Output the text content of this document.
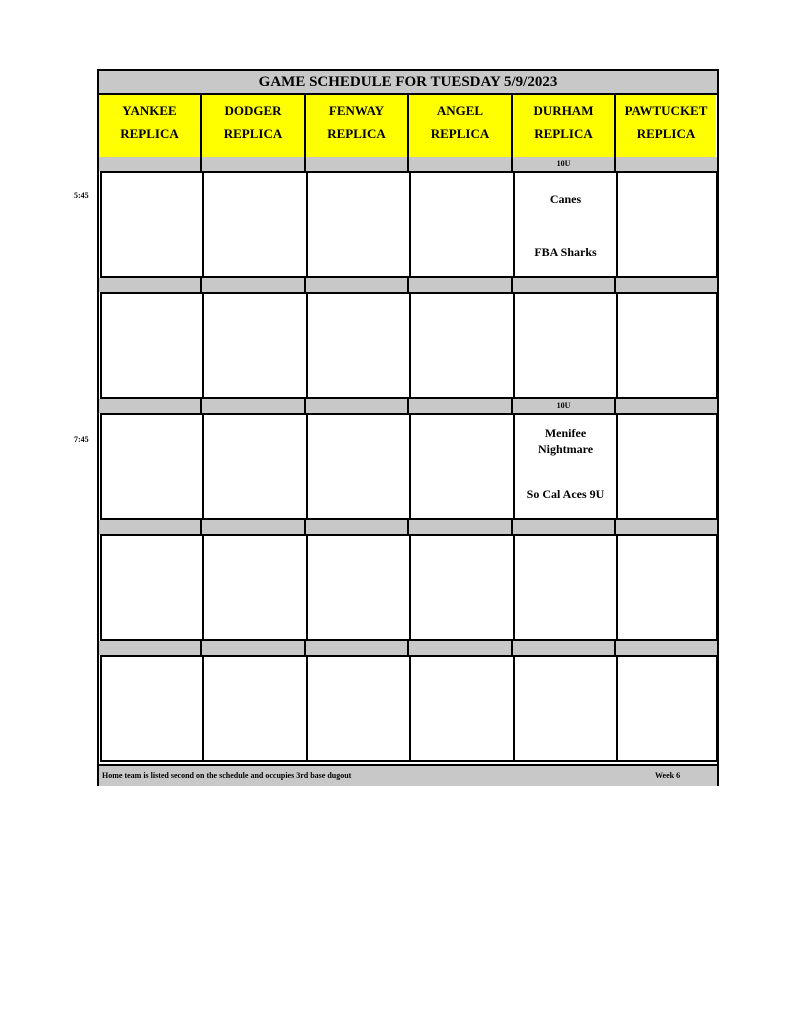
GAME SCHEDULE FOR TUESDAY 5/9/2023
YANKEE
REPLICA
DODGER
REPLICA
FENWAY
REPLICA
ANGEL
REPLICA
DURHAM
REPLICA
PAWTUCKET
REPLICA
10U
Canes
FBA Sharks
10U
Menifee Nightmare
So Cal Aces 9U
Home team is listed second on the schedule and occupies 3rd base dugout	Week 6
5:45
7:45
